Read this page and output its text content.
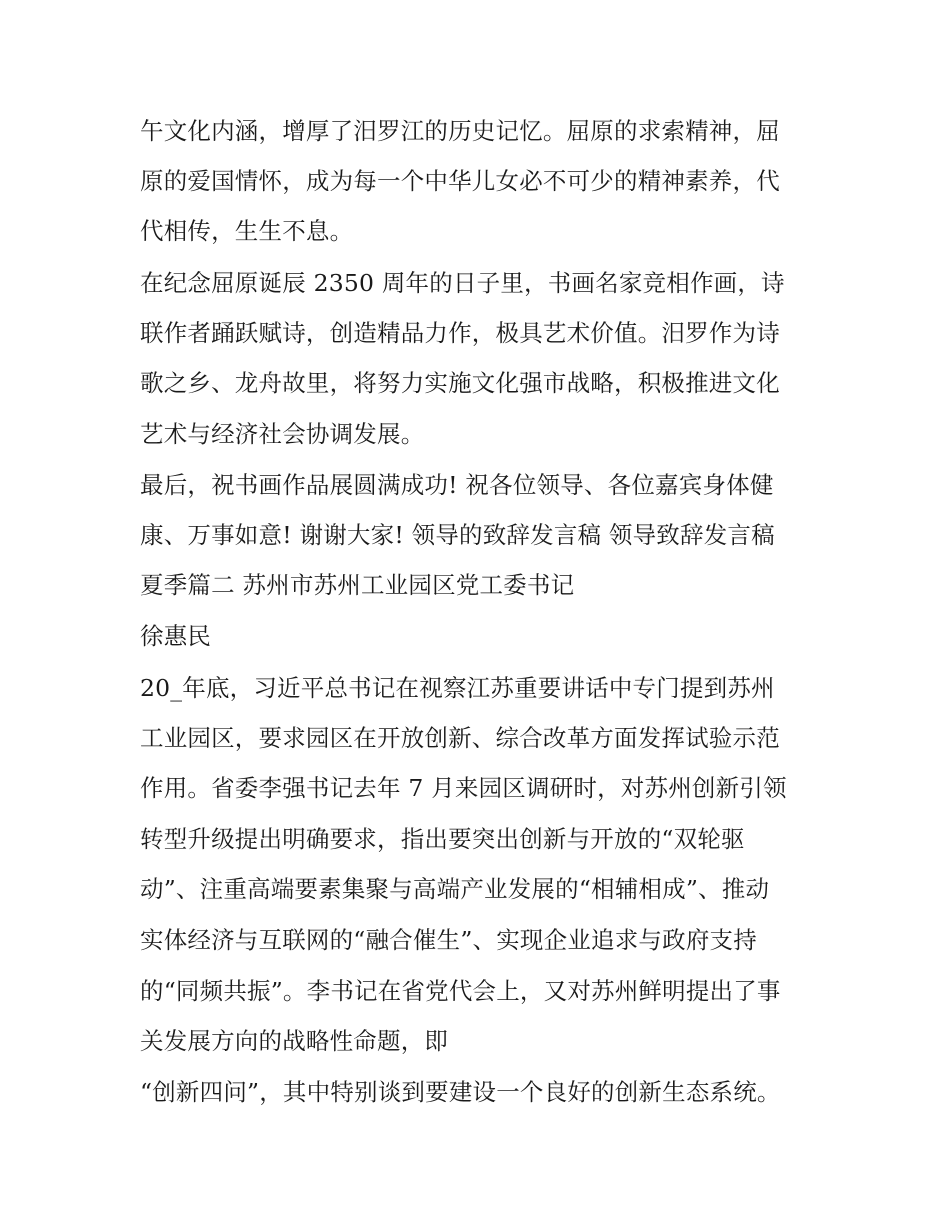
午文化内涵，增厚了汨罗江的历史记忆。屈原的求索精神，屈
原的爱国情怀，成为每一个中华儿女必不可少的精神素养，代
代相传，生生不息。
在纪念屈原诞辰 2350 周年的日子里，书画名家竞相作画，诗
联作者踊跃赋诗，创造精品力作，极具艺术价值。汨罗作为诗
歌之乡、龙舟故里，将努力实施文化强市战略，积极推进文化
艺术与经济社会协调发展。
最后，祝书画作品展圆满成功! 祝各位领导、各位嘉宾身体健
康、万事如意! 谢谢大家! 领导的致辞发言稿 领导致辞发言稿
夏季篇二 苏州市苏州工业园区党工委书记
徐惠民
20_年底，习近平总书记在视察江苏重要讲话中专门提到苏州
工业园区，要求园区在开放创新、综合改革方面发挥试验示范
作用。省委李强书记去年 7 月来园区调研时，对苏州创新引领
转型升级提出明确要求，指出要突出创新与开放的“双轮驱
动”、注重高端要素集聚与高端产业发展的“相辅相成”、推动
实体经济与互联网的“融合催生”、实现企业追求与政府支持
的“同频共振”。李书记在省党代会上，又对苏州鲜明提出了事
关发展方向的战略性命题，即
“创新四问”，其中特别谈到要建设一个良好的创新生态系统。
